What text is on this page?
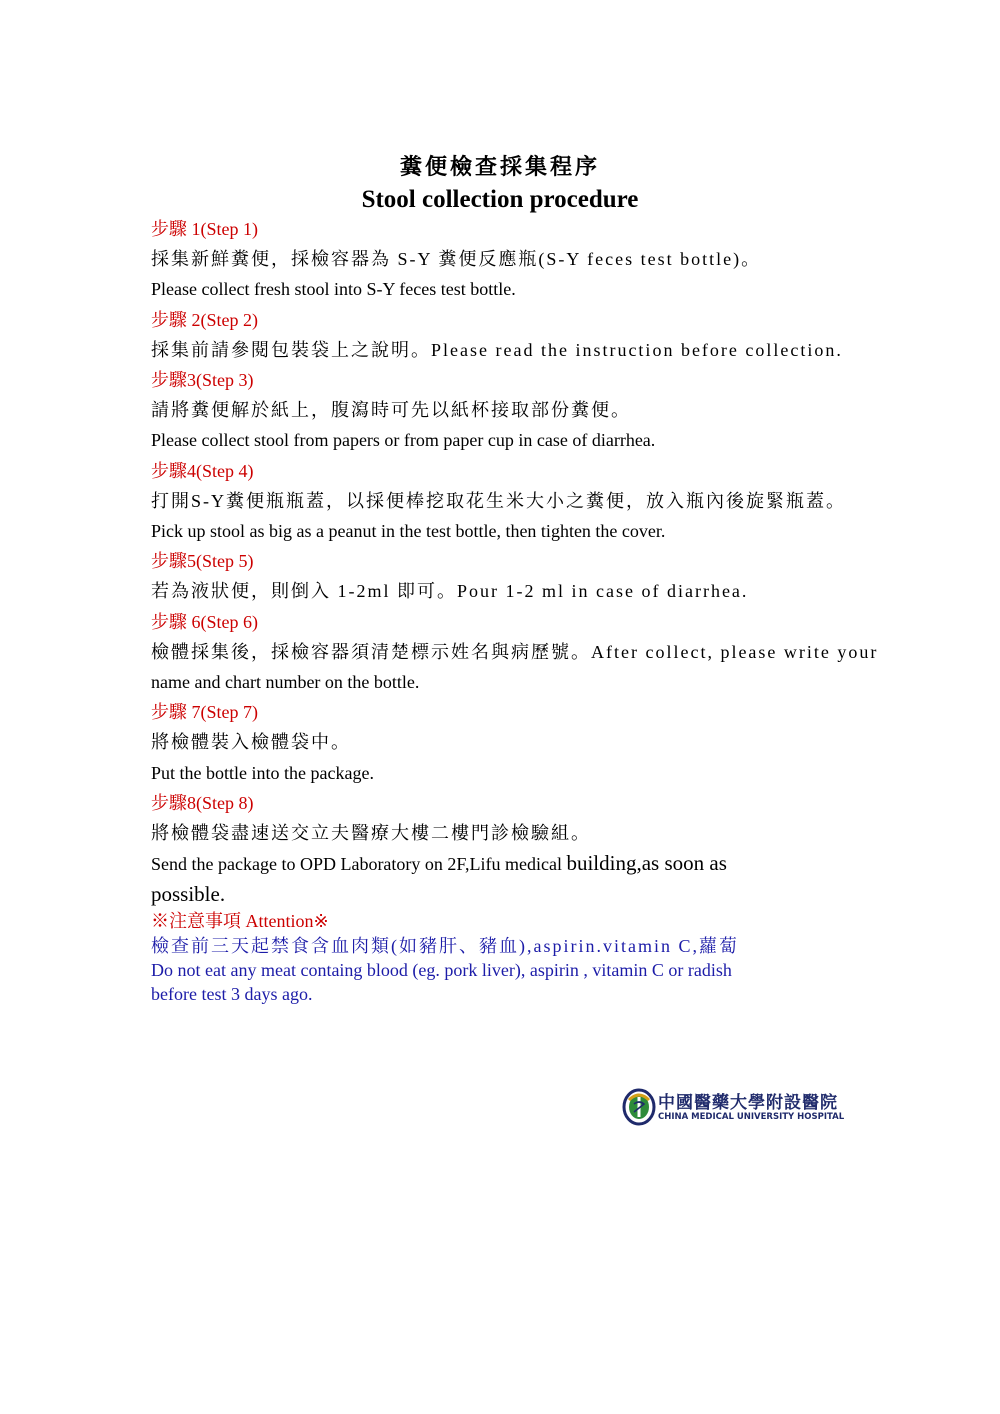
糞便檢查採集程序
Stool collection procedure
步驟 1(Step 1)
採集新鮮糞便，採檢容器為 S-Y 糞便反應瓶(S-Y feces test bottle)。
Please collect fresh stool into S-Y feces test bottle.
步驟 2(Step 2)
採集前請參閱包裝袋上之說明。Please read the instruction before collection.
步驟3(Step 3)
請將糞便解於紙上，腹瀉時可先以紙杯接取部份糞便。
Please collect stool from papers or from paper cup in case of diarrhea.
步驟4(Step 4)
打開S-Y糞便瓶瓶蓋，以採便棒挖取花生米大小之糞便，放入瓶內後旋緊瓶蓋。
Pick up stool as big as a peanut in the test bottle, then tighten the cover.
步驟5(Step 5)
若為液狀便，則倒入 1-2ml 即可。Pour 1-2 ml in case of diarrhea.
步驟 6(Step 6)
檢體採集後，採檢容器須清楚標示姓名與病歷號。After collect, please write your
name and chart number on the bottle.
步驟 7(Step 7)
將檢體裝入檢體袋中。
Put the bottle into the package.
步驟8(Step 8)
將檢體袋盡速送交立夫醫療大樓二樓門診檢驗組。
Send the package to OPD Laboratory on 2F,Lifu medical building,as soon as
possible.
※注意事項 Attention※
檢查前三天起禁食含血肉類(如豬肝、豬血),aspirin.vitamin C,蘿蔔
Do not eat any meat containg blood (eg. pork liver), aspirin , vitamin C or radish
before test 3 days ago.
中國醫藥大學附設醫院
CHINA MEDICAL UNIVERSITY HOSPITAL
